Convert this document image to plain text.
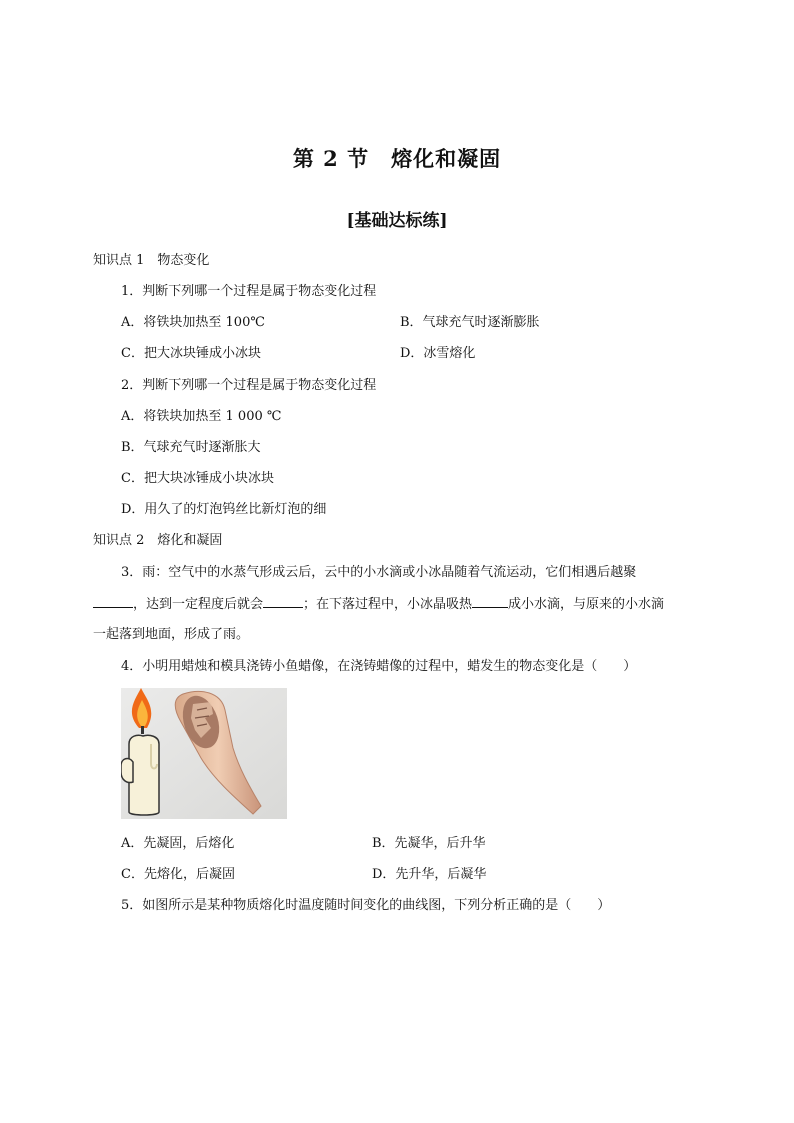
第 2 节 熔化和凝固
[基础达标练]
知识点 1　物态变化
1．判断下列哪一个过程是属于物态变化过程
A．将铁块加热至 100℃	B．气球充气时逐渐膨胀
C．把大冰块锤成小冰块	D．冰雪熔化
2．判断下列哪一个过程是属于物态变化过程
A．将铁块加热至 1 000 ℃
B．气球充气时逐渐胀大
C．把大块冰锤成小块冰块
D．用久了的灯泡钨丝比新灯泡的细
知识点 2　熔化和凝固
3．雨：空气中的水蒸气形成云后，云中的小水滴或小冰晶随着气流运动，它们相遇后越聚
，达到一定程度后就会	；在下落过程中，小冰晶吸热	成小水滴，与原来的小水滴
一起落到地面，形成了雨。
4．小明用蜡烛和模具浇铸小鱼蜡像，在浇铸蜡像的过程中，蜡发生的物态变化是（　　）
A．先凝固，后熔化	B．先凝华，后升华
C．先熔化，后凝固	D．先升华，后凝华
5．如图所示是某种物质熔化时温度随时间变化的曲线图，下列分析正确的是（　　）
